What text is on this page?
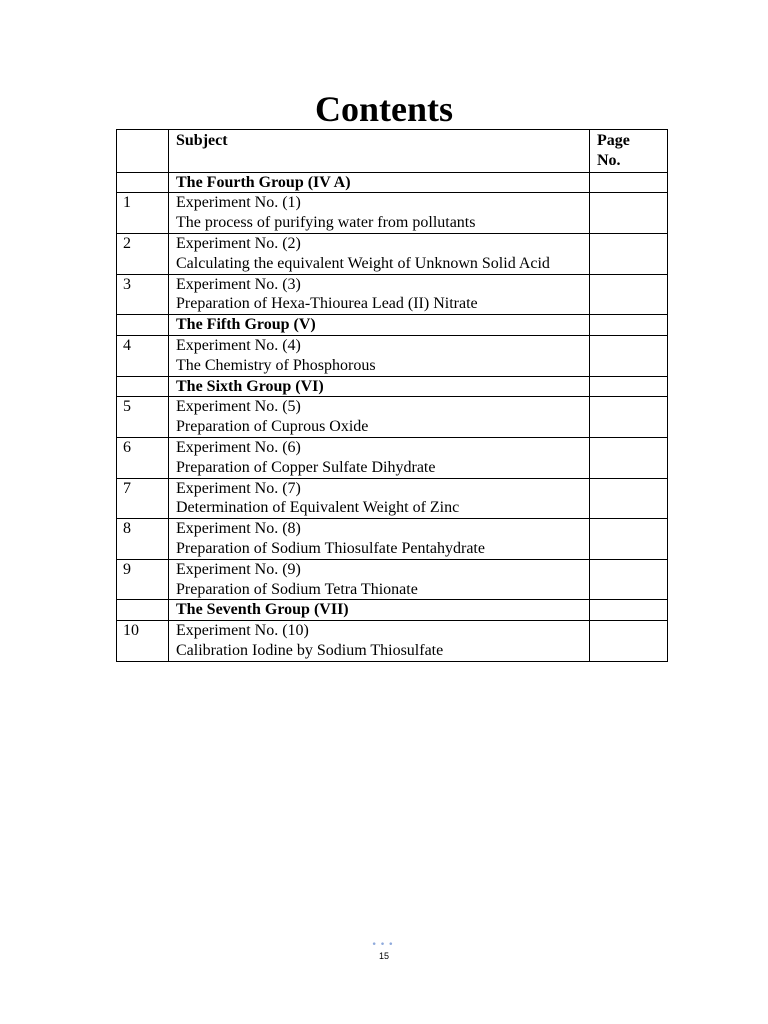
Contents
	Subject	Page
No.
	The Fourth Group (IV A)	
1	Experiment No. (1)
The process of purifying water from pollutants	

2	Experiment No. (2)
Calculating the equivalent Weight of Unknown Solid Acid	

3	Experiment No. (3)
Preparation of Hexa-Thiourea Lead (II) Nitrate	

	The Fifth Group (V)	
4	Experiment No. (4)
The Chemistry of Phosphorous	

	The Sixth Group (VI)	
5	Experiment No. (5)
Preparation of Cuprous Oxide	

6	Experiment No. (6)
Preparation of Copper Sulfate Dihydrate	

7	Experiment No. (7)
Determination of Equivalent Weight of Zinc	

8	Experiment No. (8)
Preparation of Sodium Thiosulfate Pentahydrate	

9	Experiment No. (9)
Preparation of Sodium Tetra Thionate	

	The Seventh Group (VII)	
10	Experiment No. (10)
Calibration Iodine by Sodium Thiosulfate	

•••
15
